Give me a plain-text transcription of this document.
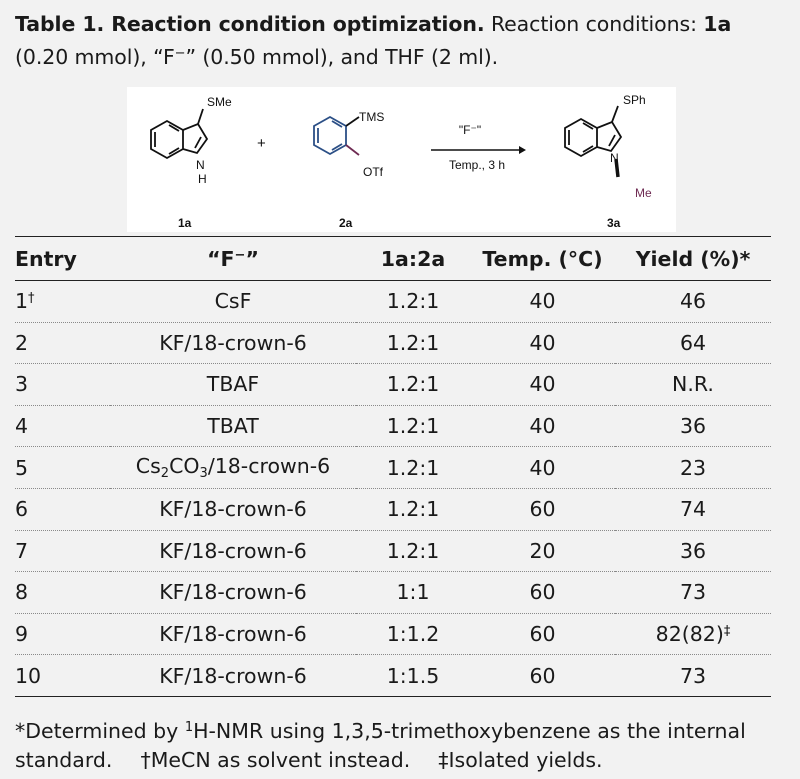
Table 1. Reaction condition optimization. Reaction conditions: 1a (0.20 mmol), “F−” (0.50 mmol), and THF (2 ml).
SMe
N
H
+
TMS
OTf
"F⁻"
Temp., 3 h
SPh
N
Me
1a	2a	3a
Entry	“F−”	1a:2a	Temp. (°C)	Yield (%)*
1†	CsF	1.2:1	40	46
2	KF/18-crown-6	1.2:1	40	64
3	TBAF	1.2:1	40	N.R.
4	TBAT	1.2:1	40	36
5	$Cs_2CO_3/18-crown-6$	1.2:1	40	23
6	KF/18-crown-6	1.2:1	60	74
7	KF/18-crown-6	1.2:1	20	36
8	KF/18-crown-6	1:1	60	73
9	KF/18-crown-6	1:1.2	60	82(82)‡
10	KF/18-crown-6	1:1.5	60	73
*Determined by $^1$H-NMR using 1,3,5-trimethoxybenzene as the internal standard. †MeCN as solvent instead. ‡Isolated yields.
